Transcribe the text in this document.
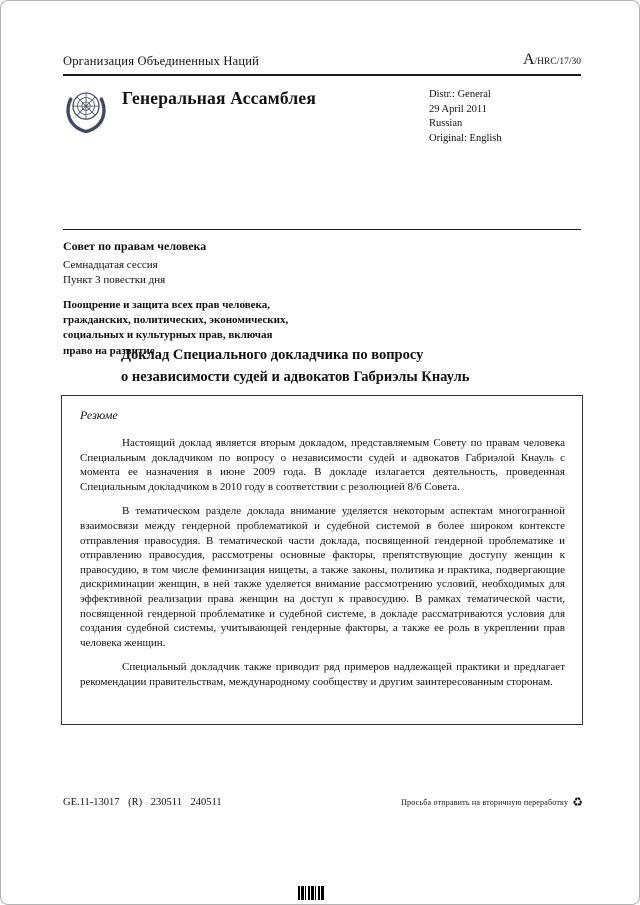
Организация Объединенных Наций	A/HRC/17/30
Генеральная Ассамблея	Distr.: General
29 April 2011
Russian
Original: English
Совет по правам человека
Семнадцатая сессия
Пункт 3 повестки дня
Поощрение и защита всех прав человека,
гражданских, политических, экономических,
социальных и культурных прав, включая
право на развитие
Доклад Специального докладчика по вопросу
о независимости судей и адвокатов Габриэлы Кнауль
Резюме

Настоящий доклад является вторым докладом, представляемым Совету по правам человека Специальным докладчиком по вопросу о независимости судей и адвокатов Габриэлой Кнауль с момента ее назначения в июне 2009 года. В докладе излагается деятельность, проведенная Специальным докладчиком в 2010 году в соответствии с резолюцией 8/6 Совета.

В тематическом разделе доклада внимание уделяется некоторым аспектам многогранной взаимосвязи между гендерной проблематикой и судебной системой в более широком контексте отправления правосудия. В тематической части доклада, посвященной гендерной проблематике и отправлению правосудия, рассмотрены основные факторы, препятствующие доступу женщин к правосудию, в том числе феминизация нищеты, а также законы, политика и практика, подвергающие дискриминации женщин, в ней также уделяется внимание рассмотрению условий, необходимых для эффективной реализации права женщин на доступ к правосудию. В рамках тематической части, посвященной гендерной проблематике и судебной системе, в докладе рассматриваются условия для создания судебной системы, учитывающей гендерные факторы, а также ее роль в укреплении прав человека женщин.

Специальный докладчик также приводит ряд примеров надлежащей практики и предлагает рекомендации правительствам, международному сообществу и другим заинтересованным сторонам.

GE.11-13017 (R) 230511 240511	Просьба отправить на вторичную переработку ♻
